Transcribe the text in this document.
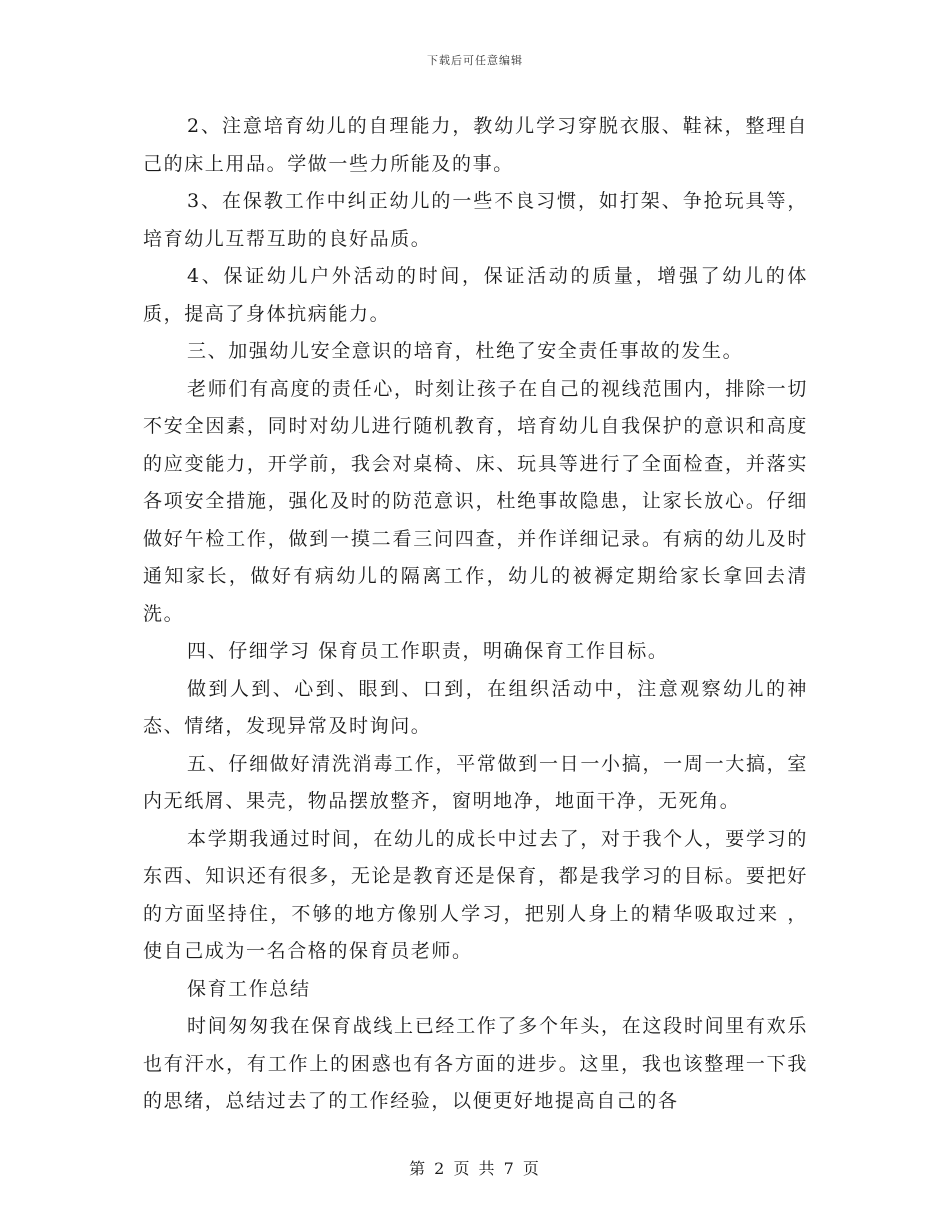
下载后可任意编辑

2、注意培育幼儿的自理能力，教幼儿学习穿脱衣服、鞋袜，整理自己的床上用品。学做一些力所能及的事。

3、在保教工作中纠正幼儿的一些不良习惯，如打架、争抢玩具等，培育幼儿互帮互助的良好品质。

4、保证幼儿户外活动的时间，保证活动的质量，增强了幼儿的体质，提高了身体抗病能力。

三、加强幼儿安全意识的培育，杜绝了安全责任事故的发生。

老师们有高度的责任心，时刻让孩子在自己的视线范围内，排除一切不安全因素，同时对幼儿进行随机教育，培育幼儿自我保护的意识和高度的应变能力，开学前，我会对桌椅、床、玩具等进行了全面检查，并落实各项安全措施，强化及时的防范意识，杜绝事故隐患，让家长放心。仔细做好午检工作，做到一摸二看三问四查，并作详细记录。有病的幼儿及时通知家长，做好有病幼儿的隔离工作，幼儿的被褥定期给家长拿回去清洗。

四、仔细学习 保育员工作职责，明确保育工作目标。

做到人到、心到、眼到、口到，在组织活动中，注意观察幼儿的神态、情绪，发现异常及时询问。

五、仔细做好清洗消毒工作，平常做到一日一小搞，一周一大搞，室内无纸屑、果壳，物品摆放整齐，窗明地净，地面干净，无死角。

本学期我通过时间，在幼儿的成长中过去了，对于我个人，要学习的东西、知识还有很多，无论是教育还是保育，都是我学习的目标。要把好的方面坚持住，不够的地方像别人学习，把别人身上的精华吸取过来 ，使自己成为一名合格的保育员老师。

保育工作总结

时间匆匆我在保育战线上已经工作了多个年头，在这段时间里有欢乐也有汗水，有工作上的困惑也有各方面的进步。这里，我也该整理一下我的思绪，总结过去了的工作经验，以便更好地提高自己的各

第 2 页 共 7 页
